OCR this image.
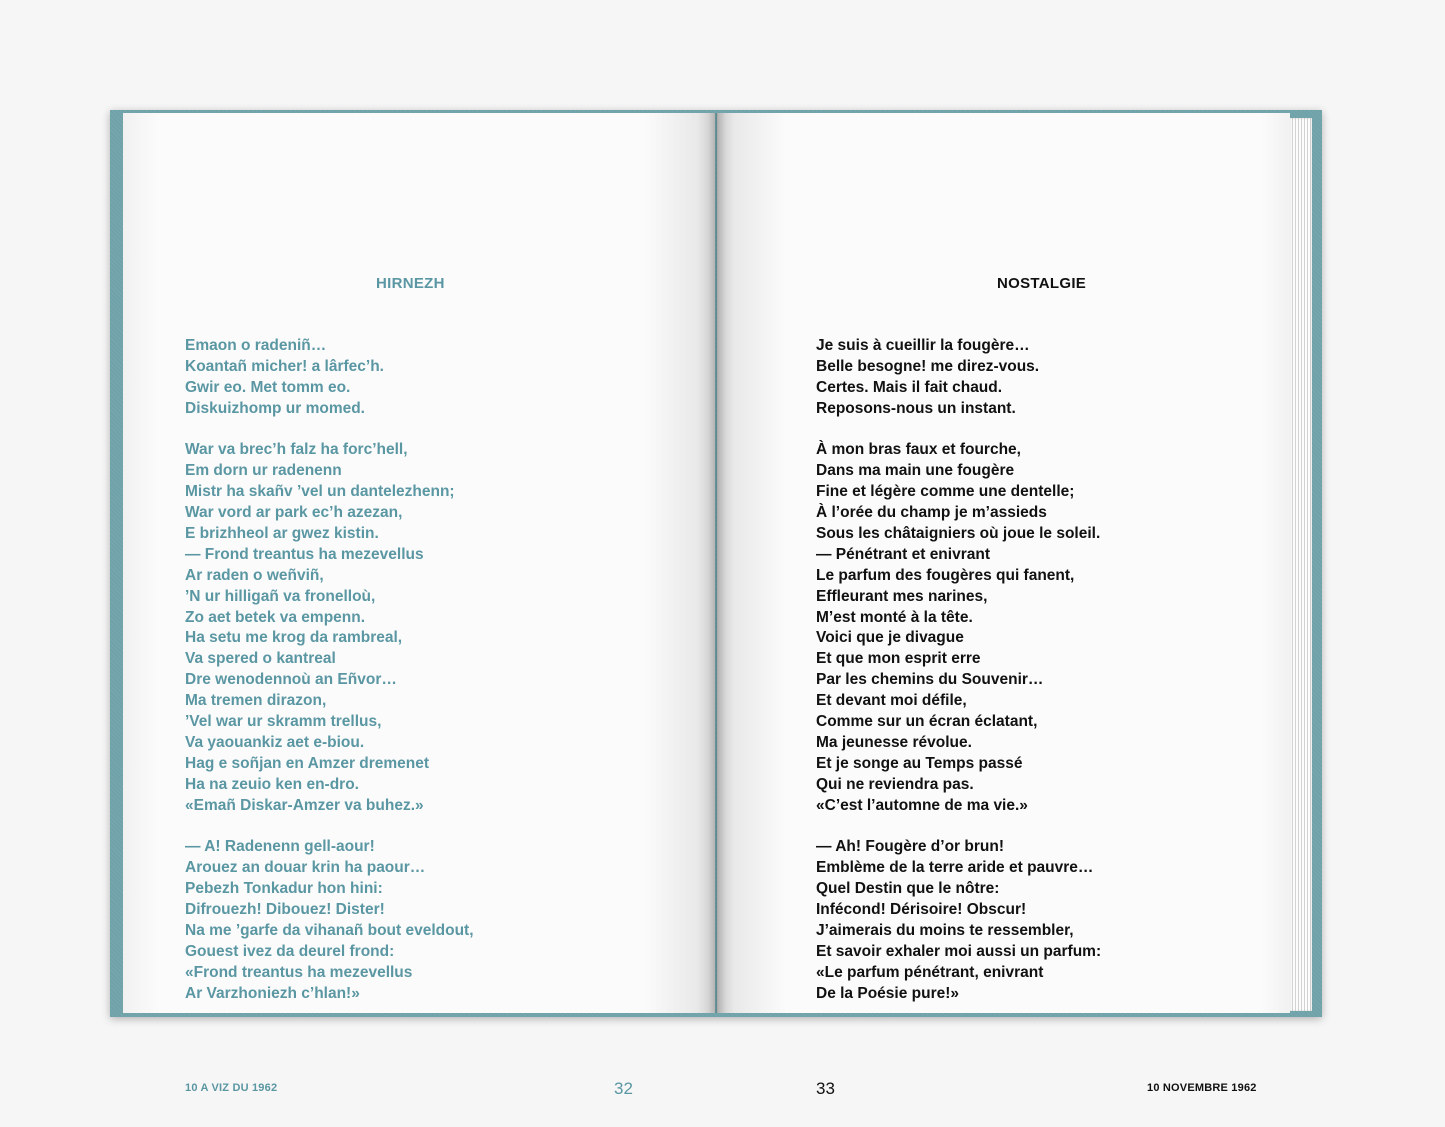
HIRNEZH
Emaon o radeniñ…
Koantañ micher! a lârfec’h.
Gwir eo. Met tomm eo.
Diskuizhomp ur momed.
War va brec’h falz ha forc’hell,
Em dorn ur radenenn
Mistr ha skañv ’vel un dantelezhenn;
War vord ar park ec’h azezan,
E brizhheol ar gwez kistin.
— Frond treantus ha mezevellus
Ar raden o weñviñ,
’N ur hilligañ va fronelloù,
Zo aet betek va empenn.
Ha setu me krog da rambreal,
Va spered o kantreal
Dre wenodennoù an Eñvor…
Ma tremen dirazon,
’Vel war ur skramm trellus,
Va yaouankiz aet e-biou.
Hag e soñjan en Amzer dremenet
Ha na zeuio ken en-dro.
«Emañ Diskar-Amzer va buhez.»
— A! Radenenn gell-aour!
Arouez an douar krin ha paour…
Pebezh Tonkadur hon hini:
Difrouezh! Dibouez! Dister!
Na me ’garfe da vihanañ bout eveldout,
Gouest ivez da deurel frond:
«Frond treantus ha mezevellus
Ar Varzhoniezh c’hlan!»
10 A VIZ DU 1962	32
NOSTALGIE
Je suis à cueillir la fougère…
Belle besogne! me direz-vous.
Certes. Mais il fait chaud.
Reposons-nous un instant.
À mon bras faux et fourche,
Dans ma main une fougère
Fine et légère comme une dentelle;
À l’orée du champ je m’assieds
Sous les châtaigniers où joue le soleil.
— Pénétrant et enivrant
Le parfum des fougères qui fanent,
Effleurant mes narines,
M’est monté à la tête.
Voici que je divague
Et que mon esprit erre
Par les chemins du Souvenir…
Et devant moi défile,
Comme sur un écran éclatant,
Ma jeunesse révolue.
Et je songe au Temps passé
Qui ne reviendra pas.
«C’est l’automne de ma vie.»
— Ah! Fougère d’or brun!
Emblème de la terre aride et pauvre…
Quel Destin que le nôtre:
Infécond! Dérisoire! Obscur!
J’aimerais du moins te ressembler,
Et savoir exhaler moi aussi un parfum:
«Le parfum pénétrant, enivrant
De la Poésie pure!»
33	10 NOVEMBRE 1962
